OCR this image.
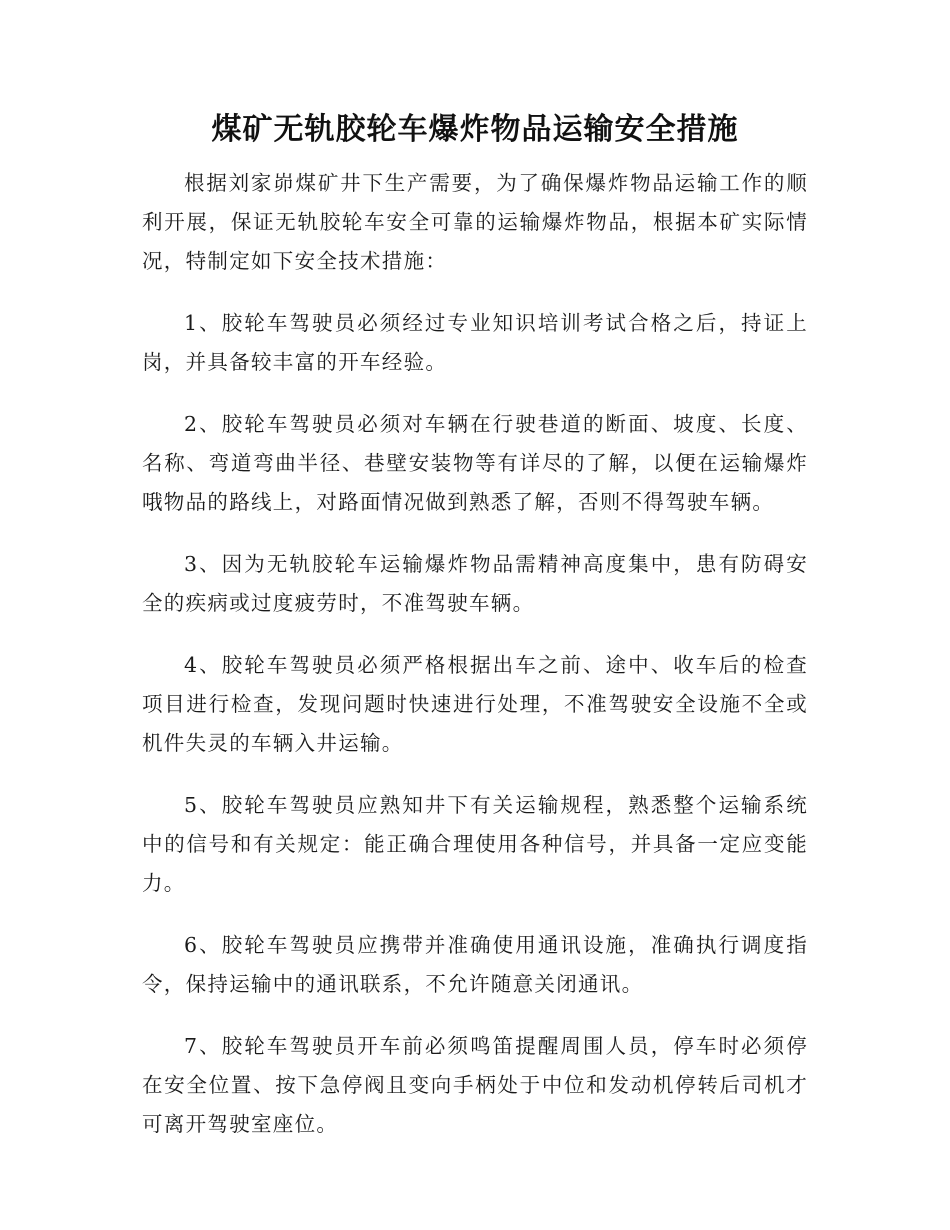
煤矿无轨胶轮车爆炸物品运输安全措施

根据刘家峁煤矿井下生产需要，为了确保爆炸物品运输工作的顺利开展，保证无轨胶轮车安全可靠的运输爆炸物品，根据本矿实际情况，特制定如下安全技术措施：

1、胶轮车驾驶员必须经过专业知识培训考试合格之后，持证上岗，并具备较丰富的开车经验。

2、胶轮车驾驶员必须对车辆在行驶巷道的断面、坡度、长度、名称、弯道弯曲半径、巷壁安装物等有详尽的了解，以便在运输爆炸哦物品的路线上，对路面情况做到熟悉了解，否则不得驾驶车辆。

3、因为无轨胶轮车运输爆炸物品需精神高度集中，患有防碍安全的疾病或过度疲劳时，不准驾驶车辆。

4、胶轮车驾驶员必须严格根据出车之前、途中、收车后的检查项目进行检查，发现问题时快速进行处理，不准驾驶安全设施不全或机件失灵的车辆入井运输。

5、胶轮车驾驶员应熟知井下有关运输规程，熟悉整个运输系统中的信号和有关规定：能正确合理使用各种信号，并具备一定应变能力。

6、胶轮车驾驶员应携带并准确使用通讯设施，准确执行调度指令，保持运输中的通讯联系，不允许随意关闭通讯。

7、胶轮车驾驶员开车前必须鸣笛提醒周围人员，停车时必须停在安全位置、按下急停阀且变向手柄处于中位和发动机停转后司机才可离开驾驶室座位。
